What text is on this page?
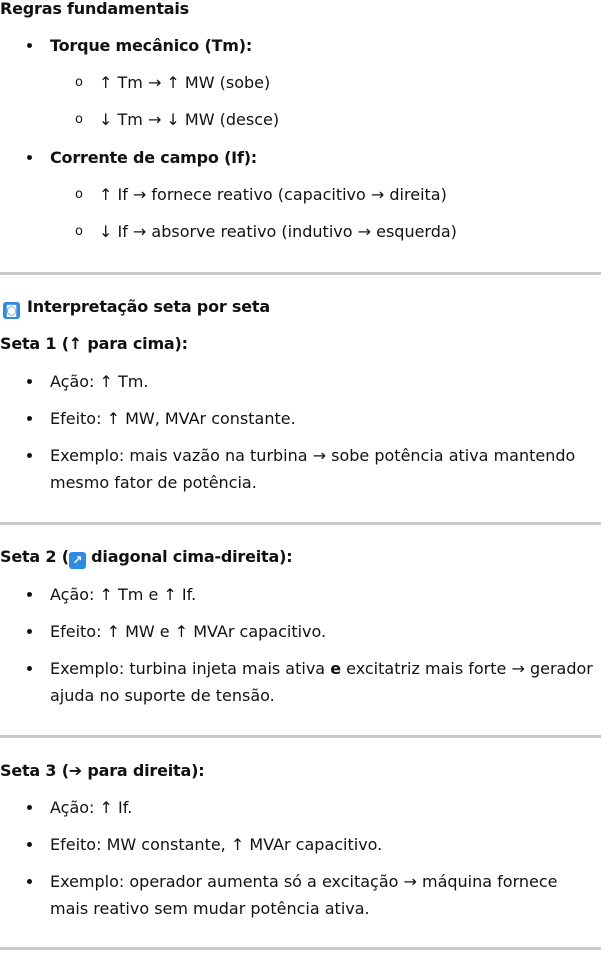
Regras fundamentais
Torque mecânico (Tm):
o ↑ Tm → ↑ MW (sobe)
o ↓ Tm → ↓ MW (desce)
Corrente de campo (If):
o ↑ If → fornece reativo (capacitivo → direita)
o ↓ If → absorve reativo (indutivo → esquerda)
◙ Interpretação seta por seta
Seta 1 (↑ para cima):
Ação: ↑ Tm.
Efeito: ↑ MW, MVAr constante.
Exemplo: mais vazão na turbina → sobe potência ativa mantendo mesmo fator de potência.
Seta 2 ( ↗ diagonal cima-direita):
Ação: ↑ Tm e ↑ If.
Efeito: ↑ MW e ↑ MVAr capacitivo.
Exemplo: turbina injeta mais ativa e excitatriz mais forte → gerador ajuda no suporte de tensão.
Seta 3 (➔ para direita):
Ação: ↑ If.
Efeito: MW constante, ↑ MVAr capacitivo.
Exemplo: operador aumenta só a excitação → máquina fornece mais reativo sem mudar potência ativa.
